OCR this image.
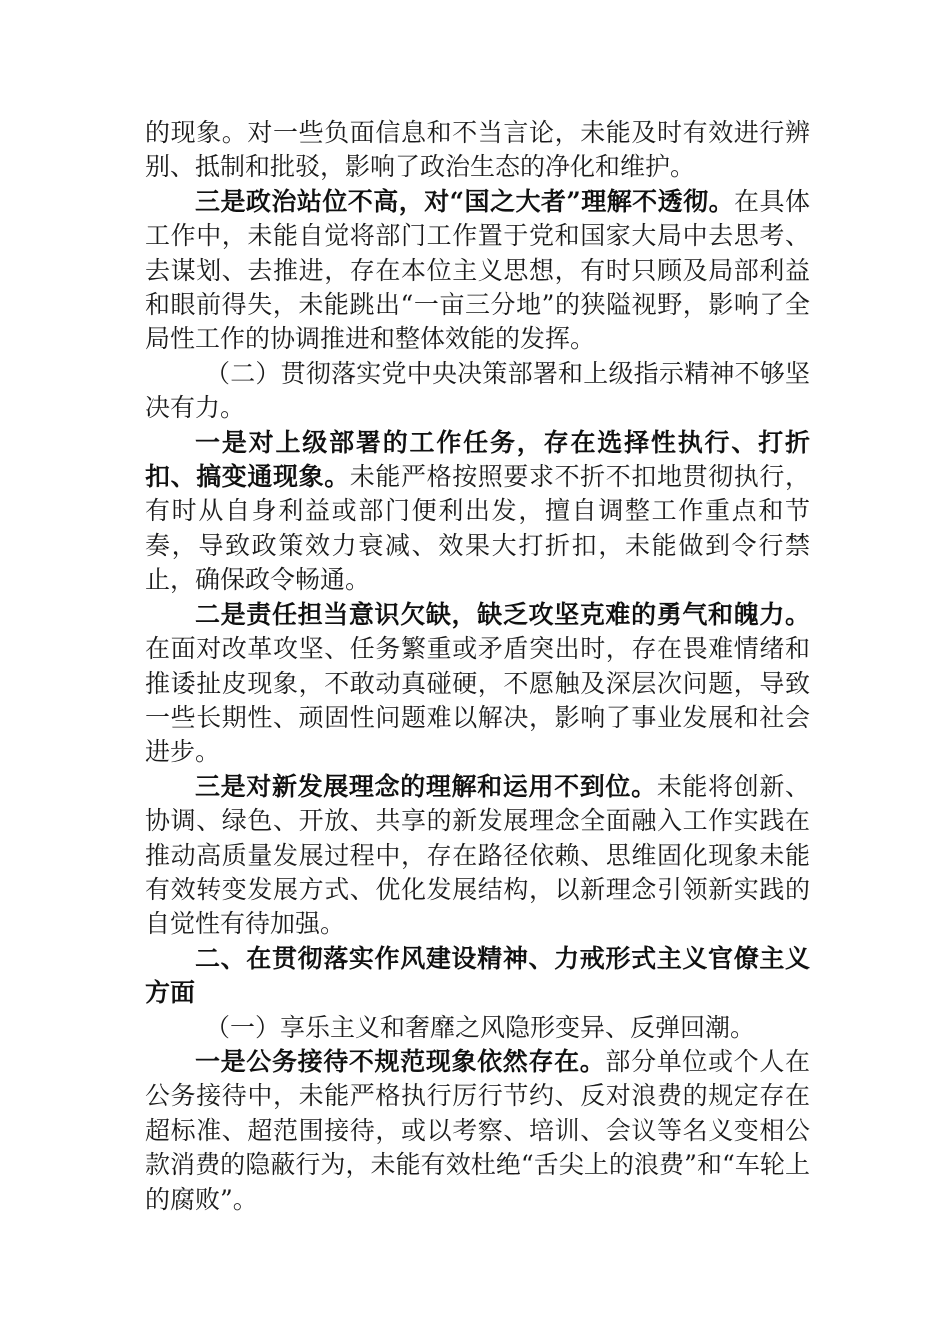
的现象。对一些负面信息和不当言论，未能及时有效进行辨别、抵制和批驳，影响了政治生态的净化和维护。

三是政治站位不高，对“国之大者”理解不透彻。在具体工作中，未能自觉将部门工作置于党和国家大局中去思考、去谋划、去推进，存在本位主义思想，有时只顾及局部利益和眼前得失，未能跳出“一亩三分地”的狭隘视野，影响了全局性工作的协调推进和整体效能的发挥。

（二）贯彻落实党中央决策部署和上级指示精神不够坚决有力。

一是对上级部署的工作任务，存在选择性执行、打折扣、搞变通现象。未能严格按照要求不折不扣地贯彻执行，有时从自身利益或部门便利出发，擅自调整工作重点和节奏，导致政策效力衰减、效果大打折扣，未能做到令行禁止，确保政令畅通。

二是责任担当意识欠缺，缺乏攻坚克难的勇气和魄力。在面对改革攻坚、任务繁重或矛盾突出时，存在畏难情绪和推诿扯皮现象，不敢动真碰硬，不愿触及深层次问题，导致一些长期性、顽固性问题难以解决，影响了事业发展和社会进步。

三是对新发展理念的理解和运用不到位。未能将创新、协调、绿色、开放、共享的新发展理念全面融入工作实践在推动高质量发展过程中，存在路径依赖、思维固化现象未能有效转变发展方式、优化发展结构，以新理念引领新实践的自觉性有待加强。

二、在贯彻落实作风建设精神、力戒形式主义官僚主义方面

（一）享乐主义和奢靡之风隐形变异、反弹回潮。

一是公务接待不规范现象依然存在。部分单位或个人在公务接待中，未能严格执行厉行节约、反对浪费的规定存在超标准、超范围接待，或以考察、培训、会议等名义变相公款消费的隐蔽行为，未能有效杜绝“舌尖上的浪费”和“车轮上的腐败”。
